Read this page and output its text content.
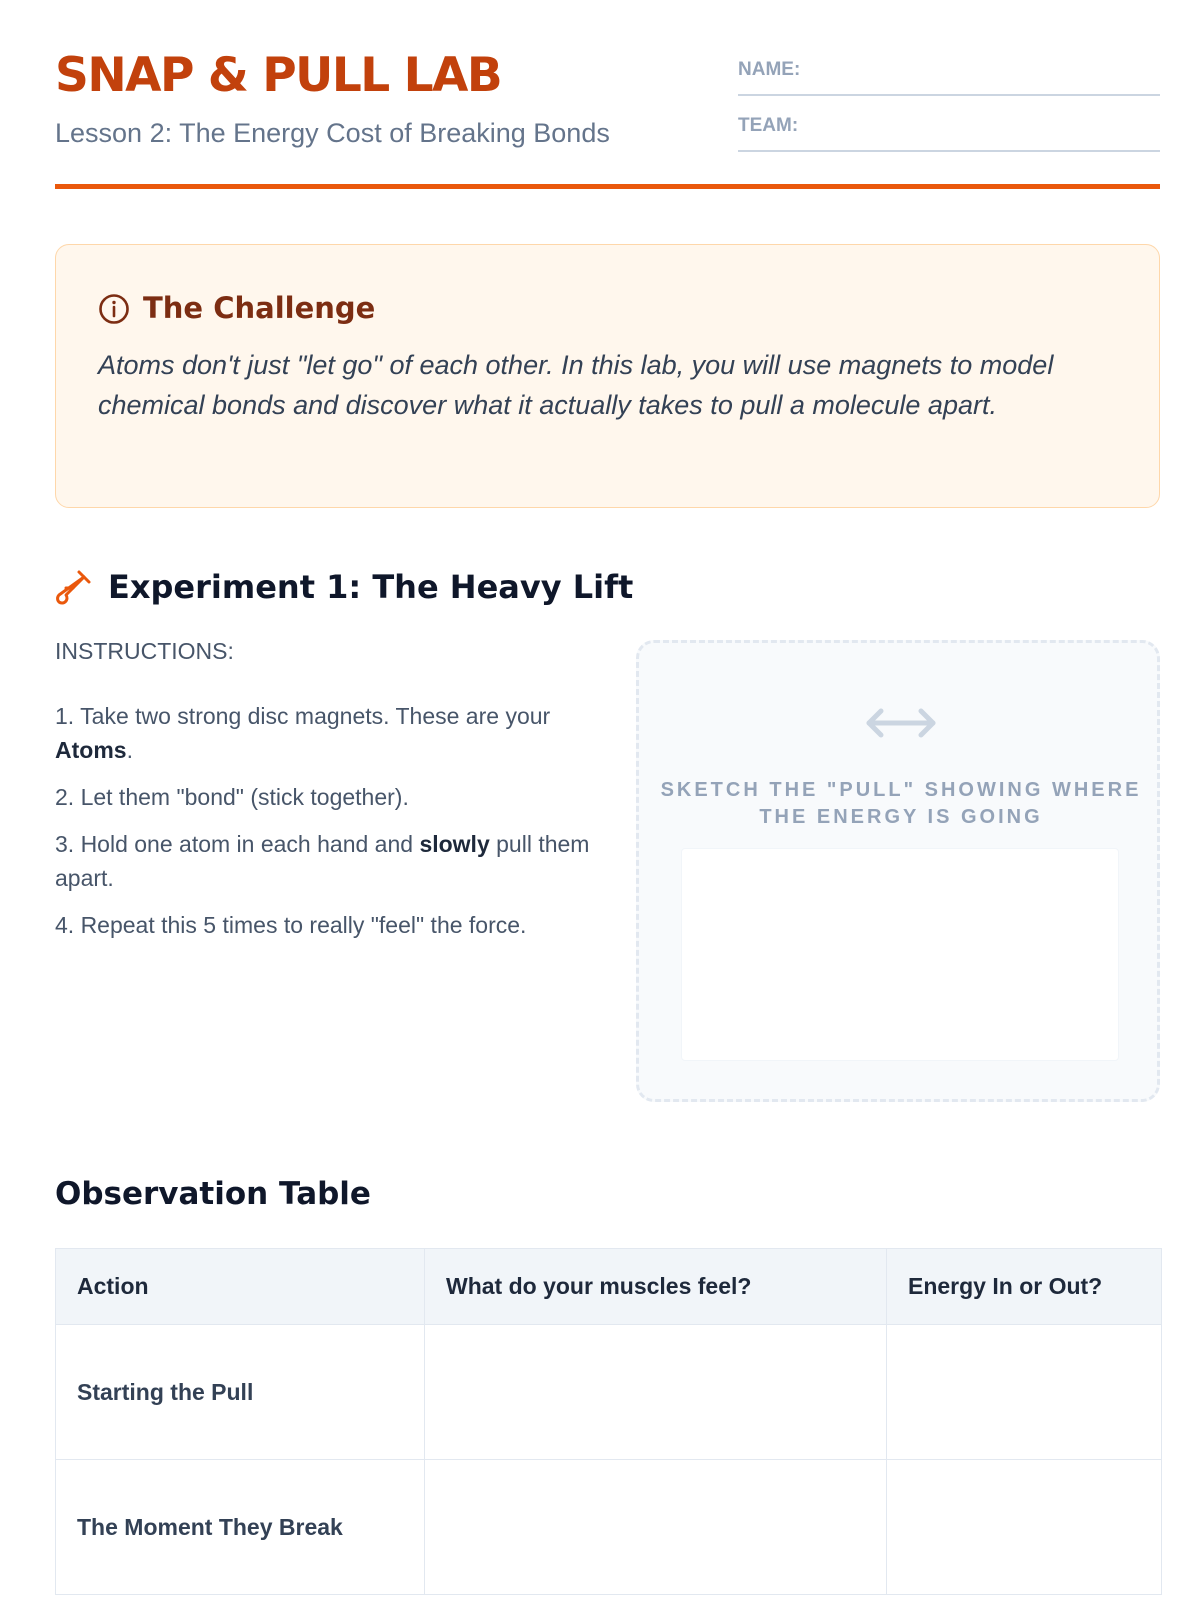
SNAP & PULL LAB
Lesson 2: The Energy Cost of Breaking Bonds
NAME:
TEAM:
The Challenge

Atoms don't just "let go" of each other. In this lab, you will use magnets to model chemical bonds and discover what it actually takes to pull a molecule apart.

Experiment 1: The Heavy Lift
INSTRUCTIONS:
1. Take two strong disc magnets. These are your Atoms.
2. Let them "bond" (stick together).
3. Hold one atom in each hand and slowly pull them apart.
4. Repeat this 5 times to really "feel" the force.
SKETCH THE "PULL" SHOWING WHERE THE ENERGY IS GOING
Observation Table
Action	What do your muscles feel?	Energy In or Out?
Starting the Pull		
The Moment They Break		
